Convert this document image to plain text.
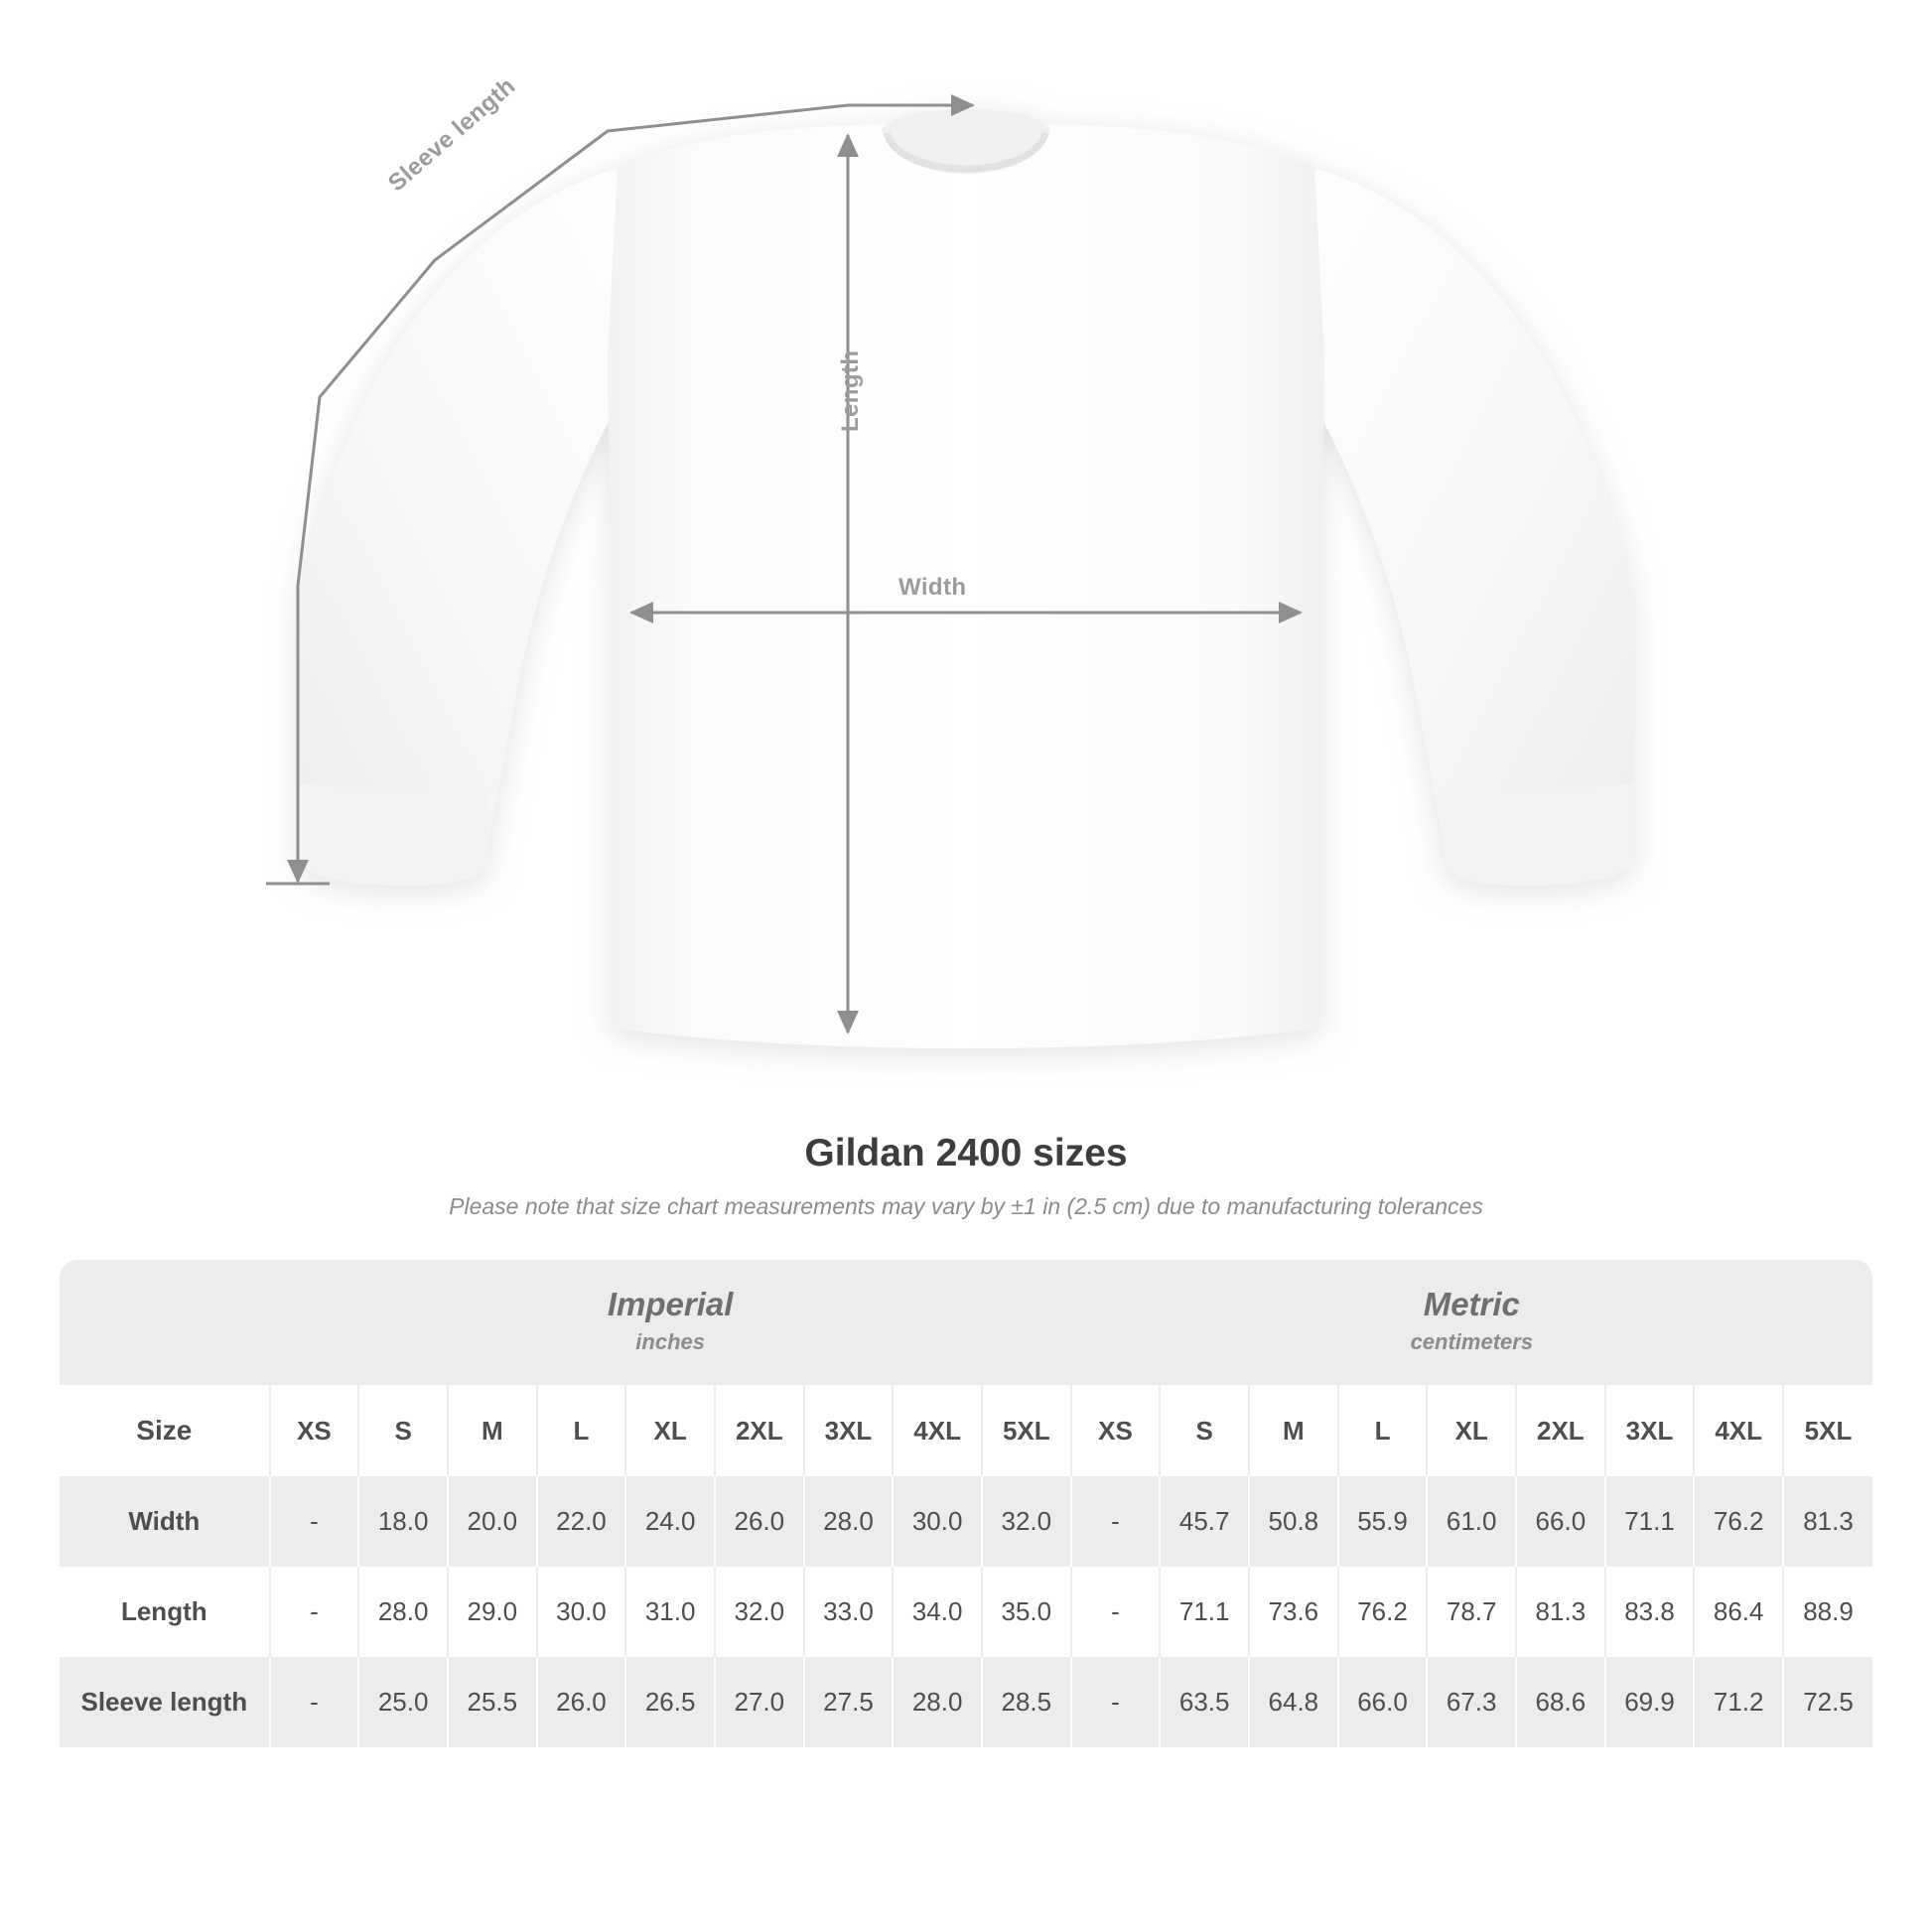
Width
Length
Sleeve length
Gildan 2400 sizes

Please note that size chart measurements may vary by ±1 in (2.5 cm) due to manufacturing tolerances

	Imperial
inches									Metric
centimeters								

Size	XS	S	M	L	XL	2XL	3XL	4XL	5XL	XS	S	M	L	XL	2XL	3XL	4XL	5XL
Width	-	18.0	20.0	22.0	24.0	26.0	28.0	30.0	32.0	-	45.7	50.8	55.9	61.0	66.0	71.1	76.2	81.3
Length	-	28.0	29.0	30.0	31.0	32.0	33.0	34.0	35.0	-	71.1	73.6	76.2	78.7	81.3	83.8	86.4	88.9
Sleeve length	-	25.0	25.5	26.0	26.5	27.0	27.5	28.0	28.5	-	63.5	64.8	66.0	67.3	68.6	69.9	71.2	72.5
